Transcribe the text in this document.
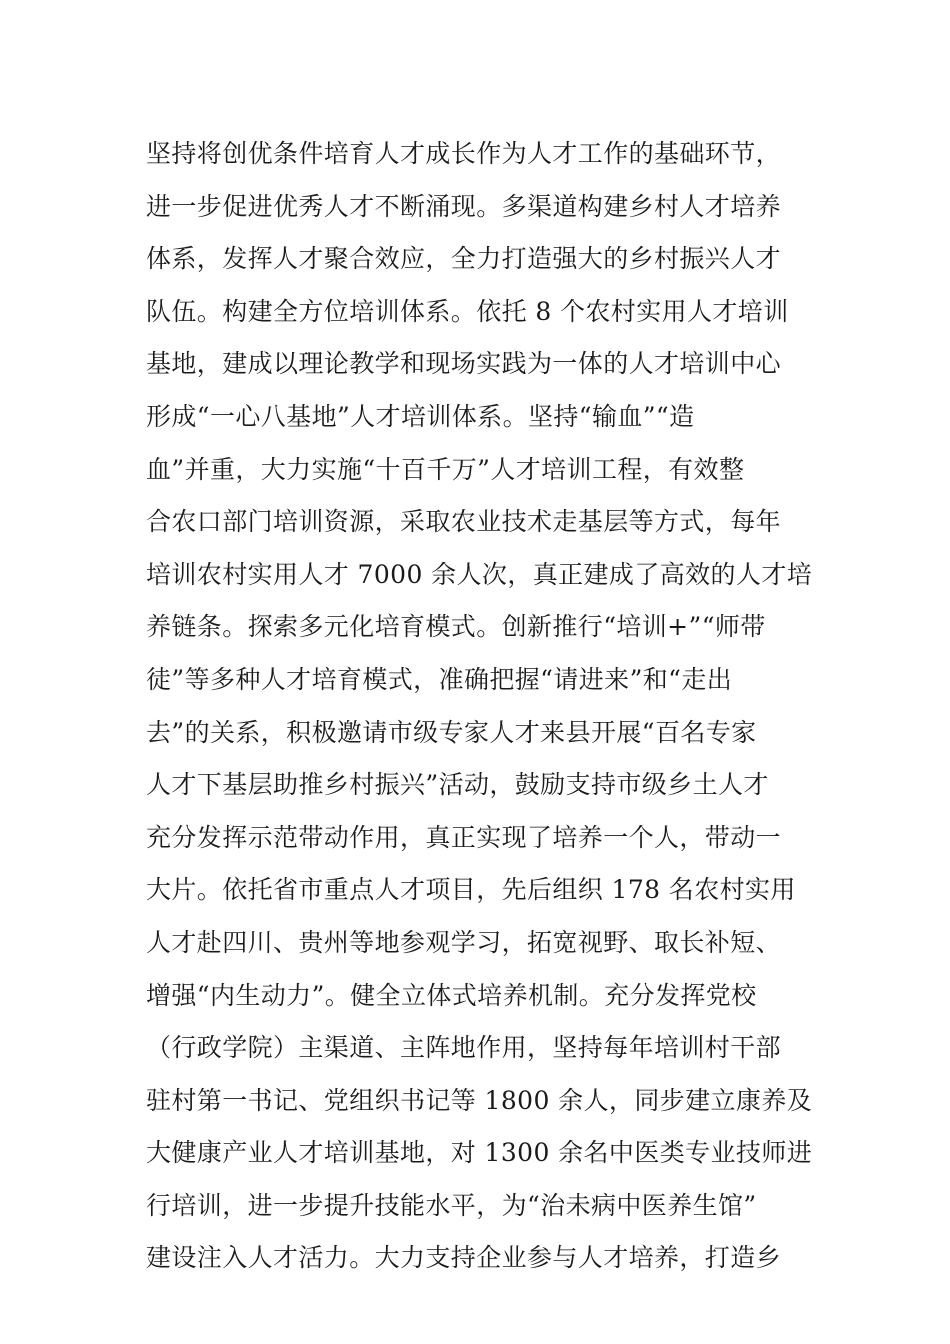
坚持将创优条件培育人才成长作为人才工作的基础环节，
进一步促进优秀人才不断涌现。多渠道构建乡村人才培养
体系，发挥人才聚合效应，全力打造强大的乡村振兴人才
队伍。构建全方位培训体系。依托 8 个农村实用人才培训
基地，建成以理论教学和现场实践为一体的人才培训中心
形成“一心八基地”人才培训体系。坚持“输血”“造
血”并重，大力实施“十百千万”人才培训工程，有效整
合农口部门培训资源，采取农业技术走基层等方式，每年
培训农村实用人才 7000 余人次，真正建成了高效的人才培
养链条。探索多元化培育模式。创新推行“培训+”“师带
徒”等多种人才培育模式，准确把握“请进来”和“走出
去”的关系，积极邀请市级专家人才来县开展“百名专家
人才下基层助推乡村振兴”活动，鼓励支持市级乡土人才
充分发挥示范带动作用，真正实现了培养一个人，带动一
大片。依托省市重点人才项目，先后组织 178 名农村实用
人才赴四川、贵州等地参观学习，拓宽视野、取长补短、
增强“内生动力”。健全立体式培养机制。充分发挥党校
（行政学院）主渠道、主阵地作用，坚持每年培训村干部
驻村第一书记、党组织书记等 1800 余人，同步建立康养及
大健康产业人才培训基地，对 1300 余名中医类专业技师进
行培训，进一步提升技能水平，为“治未病中医养生馆”
建设注入人才活力。大力支持企业参与人才培养，打造乡
